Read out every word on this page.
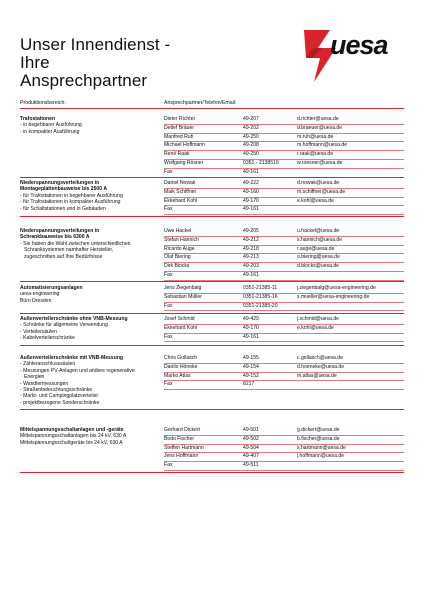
Unser Innendienst -
Ihre
Ansprechpartner
uesa
Produktionsbereich:	Ansprechpartner/Telefon/Email:
Trafostationen
- in begehbarer Ausführung
- in kompakter Ausführung
Dieter Richter	49-207	d.richter@uesa.de
Detlef Bräuer	49-202	d.braeuer@uesa.de
Manfred Ruh	49-250	m.ruh@uesa.de
Michael Hoffmann	49-208	m.hoffmann@uesa.de
René Raak	49-250	r.raak@uesa.de
Wolfgang Rösner	0351 - 2138519	w.roesner@uesa.de
Fax	49-161
Niederspannungsverteilungen in
Montageplattenbauweise bis 2500 A
- für Trafostationen in begehbarer Ausführung
- für Trafostationen in kompakter Ausführung
- für Schaltstationen und in Gebäuden
Daniel Nowak	49-222	d.nowak@uesa.de
Maik Schiffner	49-160	m.schiffner@uesa.de
Ekkehard Kohl	49-170	e.kohl@uesa.de
Fax	49-161
Niederspannungsverteilungen in
Schrankbauweise bis 6300 A
- Sie haben die Wahl zwischen unterschiedlichen
Schranksystemen namhafter Hersteller,
zugeschnitten auf Ihre Bedürfnisse
Uwe Hackel	49-205	u.hackel@uesa.de
Stefan Hannich	49-212	s.hannich@uesa.de
Ricardo Auge	49-218	r.auge@uesa.de
Olaf Biering	49-213	o.biering@uesa.de
Dirk Blocks	49-203	d.blocks@uesa.de
Fax	49-161
Automatisierungsanlagen
uesa-engineering
Büro Dresden
Jens Ziegenbalg	0351-21385-11	j.ziegenbalg@uesa-engineering.de
Sebastian Müller	0351-21385-16	s.mueller@uesa-engineering.de
Fax	0351-21385-20
Außenverteilerschränke ohne VNB-Messung
- Schränke für allgemeine Verwendung
- Verteilersäulen
- Kabelverteilerschränke
Josef Schmid	49-429	j.schmid@uesa.de
Ekkehard Kohl	49-170	e.kohl@uesa.de
Fax	49-161
Außenverteilerschränke mit VNB-Messung
- Zähleranschlusssäulen
- Messungen PV-Anlagen und andere regenerative
Energien
- Wandlermessungen
- Straßenbeleuchtungsschränke
- Markt- und Campingplatzverteiler
- projektbezogene Sonderschränke
Chris Gollasch	49-155	c.gollasch@uesa.de
Danilo Höneke	49-154	d.hoeneke@uesa.de
Marko Atlas	49-152	m.atlas@uesa.de
Fax	8217
Mittelspannungsschaltanlagen und -geräte
Mittelspannungsschaltanlagen bis 24 kV, 630 A
Mittelspannungsschaltgeräte bis 24 kV, 630 A
Gerhard Dickert	49-501	g.dickert@uesa.de
Bodo Fischer	49-502	b.fischer@uesa.de
Steffen Hartmann	49-504	s.hartmann@uesa.de
Jens Hoffmann	49-407	j.hoffmann@uesa.de
Fax	49-511
